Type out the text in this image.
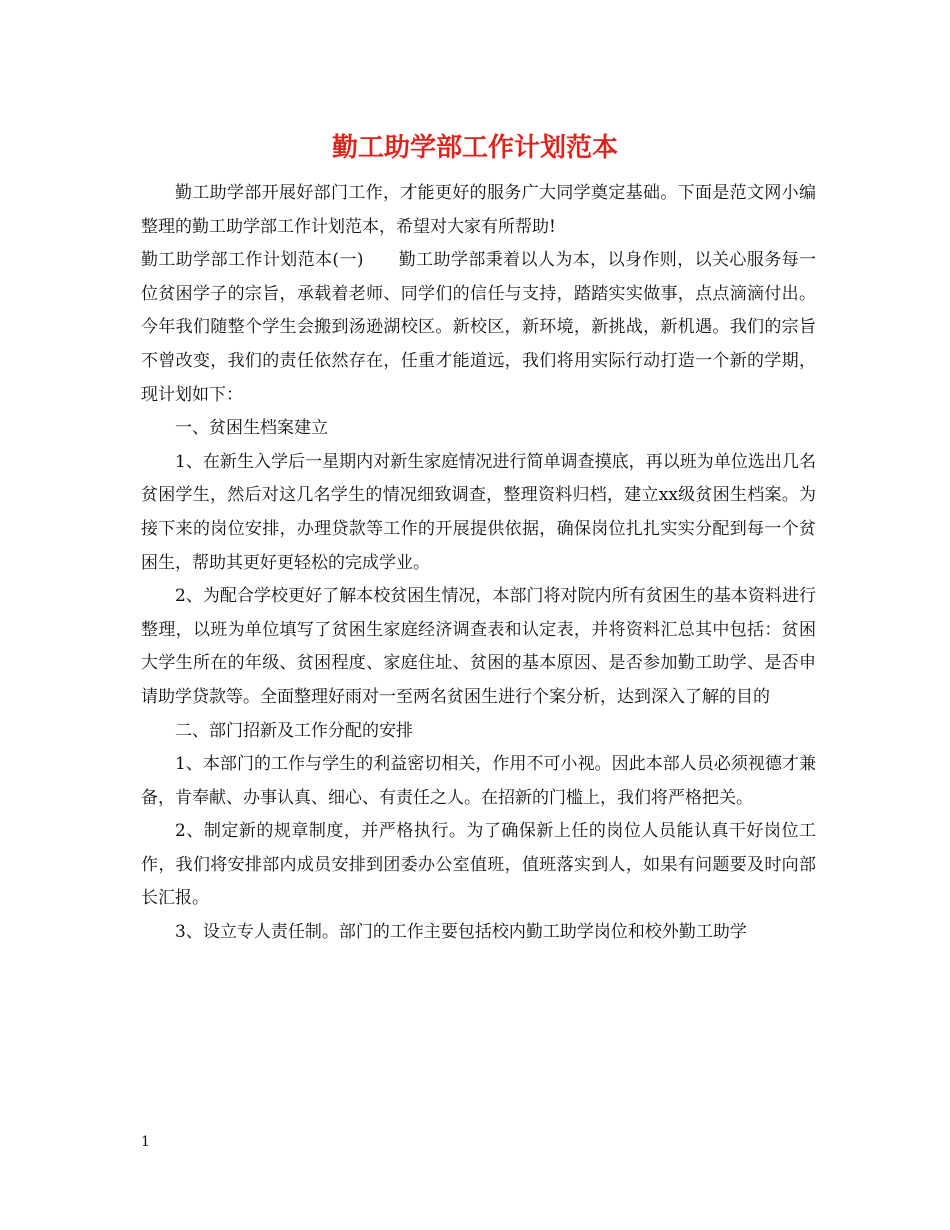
勤工助学部工作计划范本

勤工助学部开展好部门工作，才能更好的服务广大同学奠定基础。下面是范文网小编整理的勤工助学部工作计划范本，希望对大家有所帮助!

勤工助学部工作计划范本(一)　　勤工助学部秉着以人为本，以身作则，以关心服务每一位贫困学子的宗旨，承载着老师、同学们的信任与支持，踏踏实实做事，点点滴滴付出。今年我们随整个学生会搬到汤逊湖校区。新校区，新环境，新挑战，新机遇。我们的宗旨不曾改变，我们的责任依然存在，任重才能道远，我们将用实际行动打造一个新的学期，现计划如下：

一、贫困生档案建立

1、在新生入学后一星期内对新生家庭情况进行简单调查摸底，再以班为单位选出几名贫困学生，然后对这几名学生的情况细致调查，整理资料归档，建立xx级贫困生档案。为接下来的岗位安排，办理贷款等工作的开展提供依据，确保岗位扎扎实实分配到每一个贫困生，帮助其更好更轻松的完成学业。

2、为配合学校更好了解本校贫困生情况，本部门将对院内所有贫困生的基本资料进行整理，以班为单位填写了贫困生家庭经济调查表和认定表，并将资料汇总其中包括：贫困大学生所在的年级、贫困程度、家庭住址、贫困的基本原因、是否参加勤工助学、是否申请助学贷款等。全面整理好雨对一至两名贫困生进行个案分析，达到深入了解的目的

二、部门招新及工作分配的安排

1、本部门的工作与学生的利益密切相关，作用不可小视。因此本部人员必须视德才兼备，肯奉献、办事认真、细心、有责任之人。在招新的门槛上，我们将严格把关。

2、制定新的规章制度，并严格执行。为了确保新上任的岗位人员能认真干好岗位工作，我们将安排部内成员安排到团委办公室值班，值班落实到人，如果有问题要及时向部长汇报。

3、设立专人责任制。部门的工作主要包括校内勤工助学岗位和校外勤工助学

1
